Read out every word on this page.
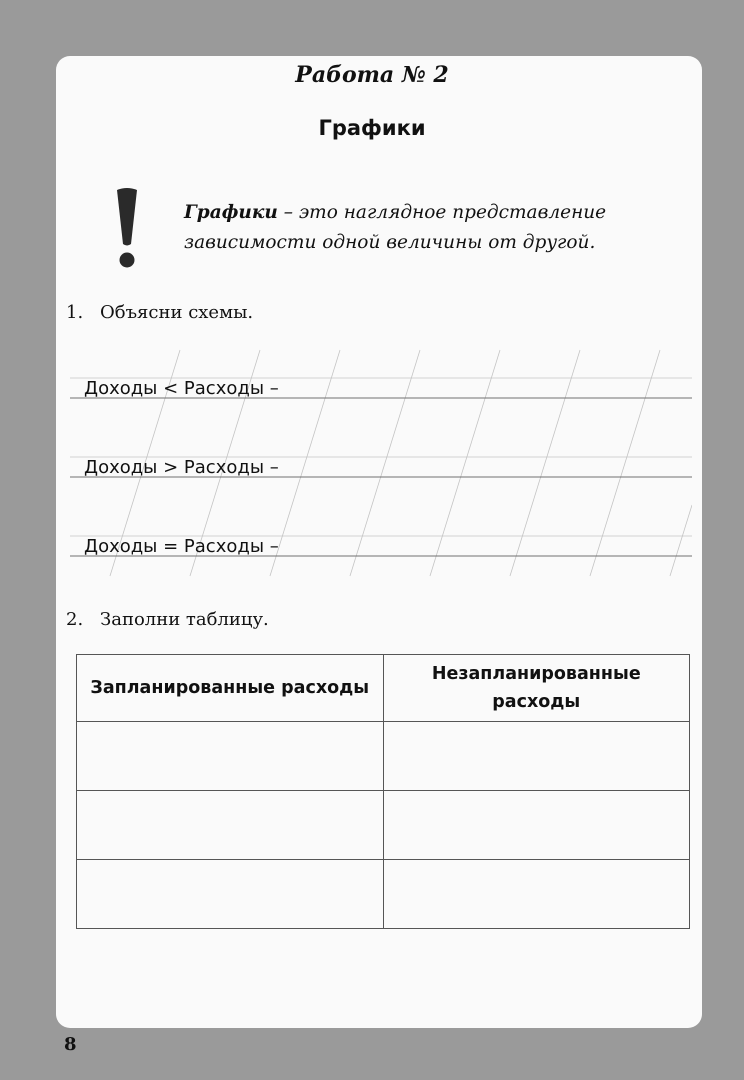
Работа № 2
Графики
Графики – это наглядное представление зависимости одной величины от другой.
1. Объясни схемы.
Доходы < Расходы –
Доходы > Расходы –
Доходы = Расходы –
2. Заполни таблицу.
Запланированные расходы	Незапланированные расходы

8
